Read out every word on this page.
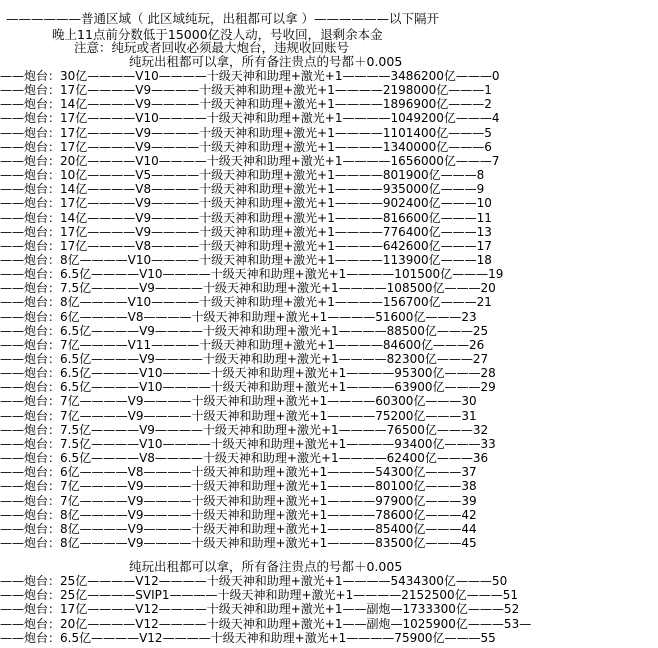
——————普通区域（ 此区域纯玩，出租都可以拿 ）——————以下隔开
晚上11点前分数低于15000亿没人动，号收回，退剩余本金
注意：纯玩或者回收必须最大炮台，违规收回账号
纯玩出租都可以拿，所有备注贵点的号都＋0.005
——炮台：30亿————V10————十级天神和助理+激光+1————3486200亿———0
——炮台：17亿————V9————十级天神和助理+激光+1————2198000亿———1
——炮台：14亿————V9————十级天神和助理+激光+1————1896900亿———2
——炮台：17亿————V10————十级天神和助理+激光+1————1049200亿———4
——炮台：17亿————V9————十级天神和助理+激光+1————1101400亿———5
——炮台：17亿————V9————十级天神和助理+激光+1————1340000亿———6
——炮台：20亿————V10————十级天神和助理+激光+1————1656000亿———7
——炮台：10亿————V5————十级天神和助理+激光+1————801900亿———8
——炮台：14亿————V8————十级天神和助理+激光+1————935000亿———9
——炮台：17亿————V9————十级天神和助理+激光+1————902400亿———10
——炮台：14亿————V9————十级天神和助理+激光+1————816600亿———11
——炮台：17亿————V9————十级天神和助理+激光+1————776400亿———13
——炮台：17亿————V8————十级天神和助理+激光+1————642600亿———17
——炮台：8亿————V10————十级天神和助理+激光+1————113900亿———18
——炮台：6.5亿————V10————十级天神和助理+激光+1————101500亿———19
——炮台：7.5亿————V9————十级天神和助理+激光+1————108500亿———20
——炮台：8亿————V10————十级天神和助理+激光+1————156700亿———21
——炮台：6亿————V8————十级天神和助理+激光+1————51600亿———23
——炮台：6.5亿————V9————十级天神和助理+激光+1————88500亿———25
——炮台：7亿————V11————十级天神和助理+激光+1————84600亿———26
——炮台：6.5亿————V9————十级天神和助理+激光+1————82300亿———27
——炮台：6.5亿————V10————十级天神和助理+激光+1————95300亿———28
——炮台：6.5亿————V10————十级天神和助理+激光+1————63900亿———29
——炮台：7亿————V9————十级天神和助理+激光+1————60300亿———30
——炮台：7亿————V9————十级天神和助理+激光+1————75200亿———31
——炮台：7.5亿————V9————十级天神和助理+激光+1————76500亿———32
——炮台：7.5亿————V10————十级天神和助理+激光+1————93400亿———33
——炮台：6.5亿————V8————十级天神和助理+激光+1————62400亿———36
——炮台：6亿————V8————十级天神和助理+激光+1————54300亿———37
——炮台：7亿————V9————十级天神和助理+激光+1————80100亿———38
——炮台：7亿————V9————十级天神和助理+激光+1————97900亿———39
——炮台：8亿————V9————十级天神和助理+激光+1————78600亿———42
——炮台：8亿————V9————十级天神和助理+激光+1————85400亿———44
——炮台：8亿————V9————十级天神和助理+激光+1————83500亿———45
纯玩出租都可以拿，所有备注贵点的号都＋0.005
——炮台：25亿————V12————十级天神和助理+激光+1————5434300亿———50
——炮台：25亿————SVIP1————十级天神和助理+激光+1————2152500亿———51
——炮台：17亿————V12————十级天神和助理+激光+1——副炮—1733300亿———52
——炮台：20亿————V12————十级天神和助理+激光+1——副炮—1025900亿———53—
——炮台：6.5亿————V12————十级天神和助理+激光+1————75900亿———55
